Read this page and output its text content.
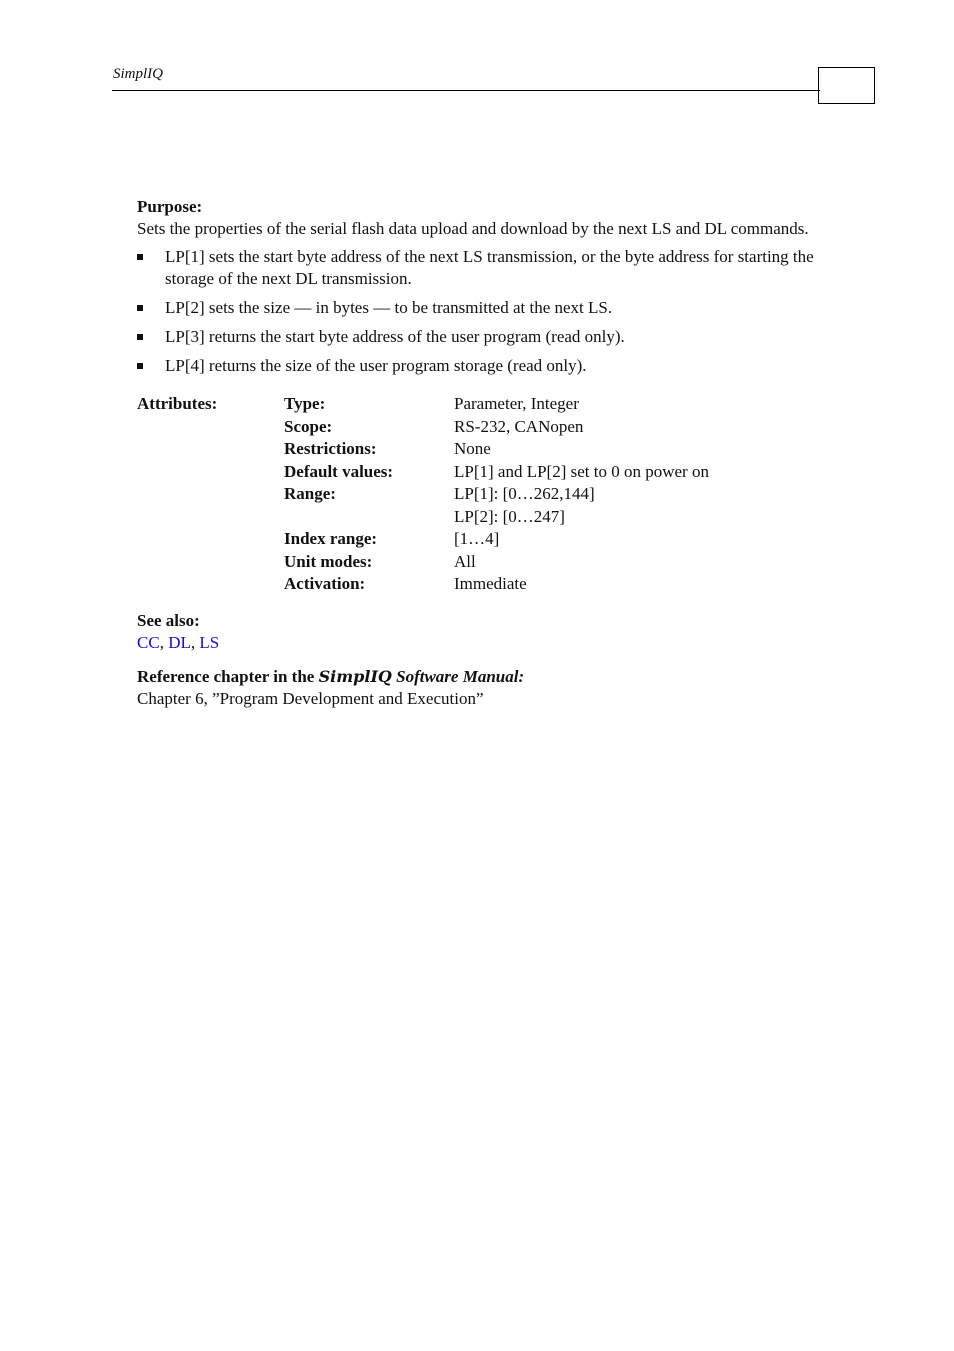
SimplIQ
Purpose:

Sets the properties of the serial flash data upload and download by the next LS and DL commands.

LP[1] sets the start byte address of the next LS transmission, or the byte address for starting the storage of the next DL transmission.
LP[2] sets the size — in bytes — to be transmitted at the next LS.
LP[3] returns the start byte address of the user program (read only).
LP[4] returns the size of the user program storage (read only).
Attributes:	Type:	Parameter, Integer
Scope:	RS-232, CANopen
Restrictions:	None
Default values:	LP[1] and LP[2] set to 0 on power on
Range:	LP[1]: [0…262,144]
LP[2]: [0…247]
Index range:	[1…4]
Unit modes:	All
Activation:	Immediate
See also:
CC, DL, LS
Reference chapter in the SimplIQ Software Manual:
Chapter 6, ”Program Development and Execution”
